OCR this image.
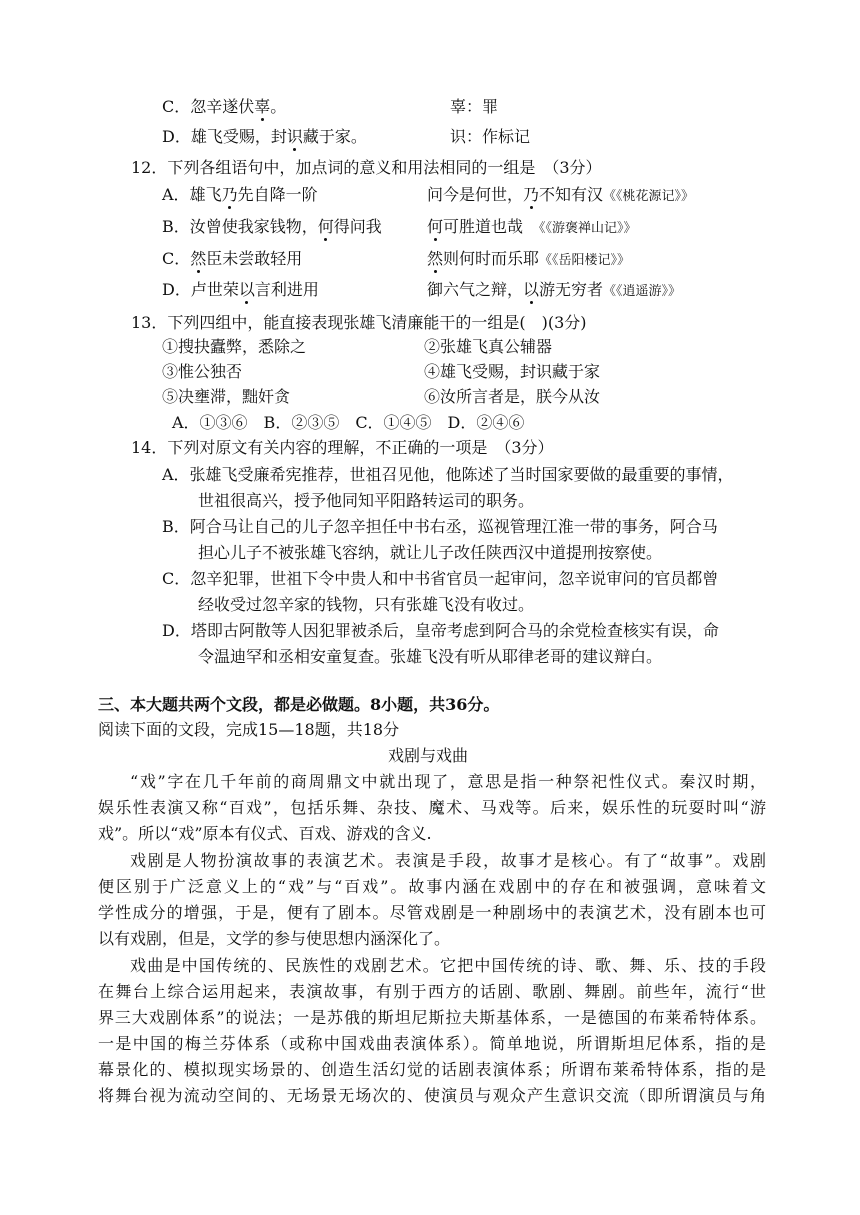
C．忽辛遂伏辜。	辜：罪
D．雄飞受赐，封识藏于家。	识：作标记
12．下列各组语句中，加点词的意义和用法相同的一组是　（3分）
A．雄飞乃先自降一阶	问今是何世，乃不知有汉《《桃花源记》》
B．汝曾使我家钱物，何得问我	何可胜道也哉　 《《游褒禅山记》》
C．然臣未尝敢轻用	然则何时而乐耶《《岳阳楼记》》
D．卢世荣以言利进用	御六气之辩，以游无穷者《《逍遥游》》
13．下列四组中，能直接表现张雄飞清廉能干的一组是(　)(3分)
①搜抉蠹弊，悉除之	②张雄飞真公辅器
③惟公独否	④雄飞受赐，封识藏于家
⑤决壅滞，黜奸贪	⑥汝所言者是，朕今从汝
A．①③⑥　B．②③⑤　C．①④⑤　D．②④⑥
14．下列对原文有关内容的理解，不正确的一项是　（3分）
A．张雄飞受廉希宪推荐，世祖召见他，他陈述了当时国家要做的最重要的事情，
世祖很高兴，授予他同知平阳路转运司的职务。
B．阿合马让自己的儿子忽辛担任中书右丞，巡视管理江淮一带的事务，阿合马
担心儿子不被张雄飞容纳，就让儿子改任陕西汉中道提刑按察使。
C．忽辛犯罪，世祖下令中贵人和中书省官员一起审问，忽辛说审问的官员都曾
经收受过忽辛家的钱物，只有张雄飞没有收过。
D．塔即古阿散等人因犯罪被杀后，皇帝考虑到阿合马的余党检查核实有误，命
令温迪罕和丞相安童复查。张雄飞没有听从耶律老哥的建议辩白。
三、本大题共两个文段，都是必做题。8小题，共36分。
阅读下面的文段，完成15—18题，共18分
戏剧与戏曲
“戏”字在几千年前的商周鼎文中就出现了，意思是指一种祭祀性仪式。秦汉时期，
娱乐性表演又称“百戏”，包括乐舞、杂技、魔术、马戏等。后来，娱乐性的玩耍时叫“游
戏”。所以“戏”原本有仪式、百戏、游戏的含义.
戏剧是人物扮演故事的表演艺术。表演是手段，故事才是核心。有了“故事”。戏剧
便区别于广泛意义上的“戏”与“百戏”。故事内涵在戏剧中的存在和被强调，意味着文
学性成分的增强，于是，便有了剧本。尽管戏剧是一种剧场中的表演艺术，没有剧本也可
以有戏剧，但是，文学的参与使思想内涵深化了。
戏曲是中国传统的、民族性的戏剧艺术。它把中国传统的诗、歌、舞、乐、技的手段
在舞台上综合运用起来，表演故事，有别于西方的话剧、歌剧、舞剧。前些年，流行“世
界三大戏剧体系”的说法；一是苏俄的斯坦尼斯拉夫斯基体系，一是德国的布莱希特体系。
一是中国的梅兰芬体系（或称中国戏曲表演体系）。简单地说，所谓斯坦尼体系，指的是
幕景化的、模拟现实场景的、创造生活幻觉的话剧表演体系；所谓布莱希特体系，指的是
将舞台视为流动空间的、无场景无场次的、使演员与观众产生意识交流（即所谓演员与角
